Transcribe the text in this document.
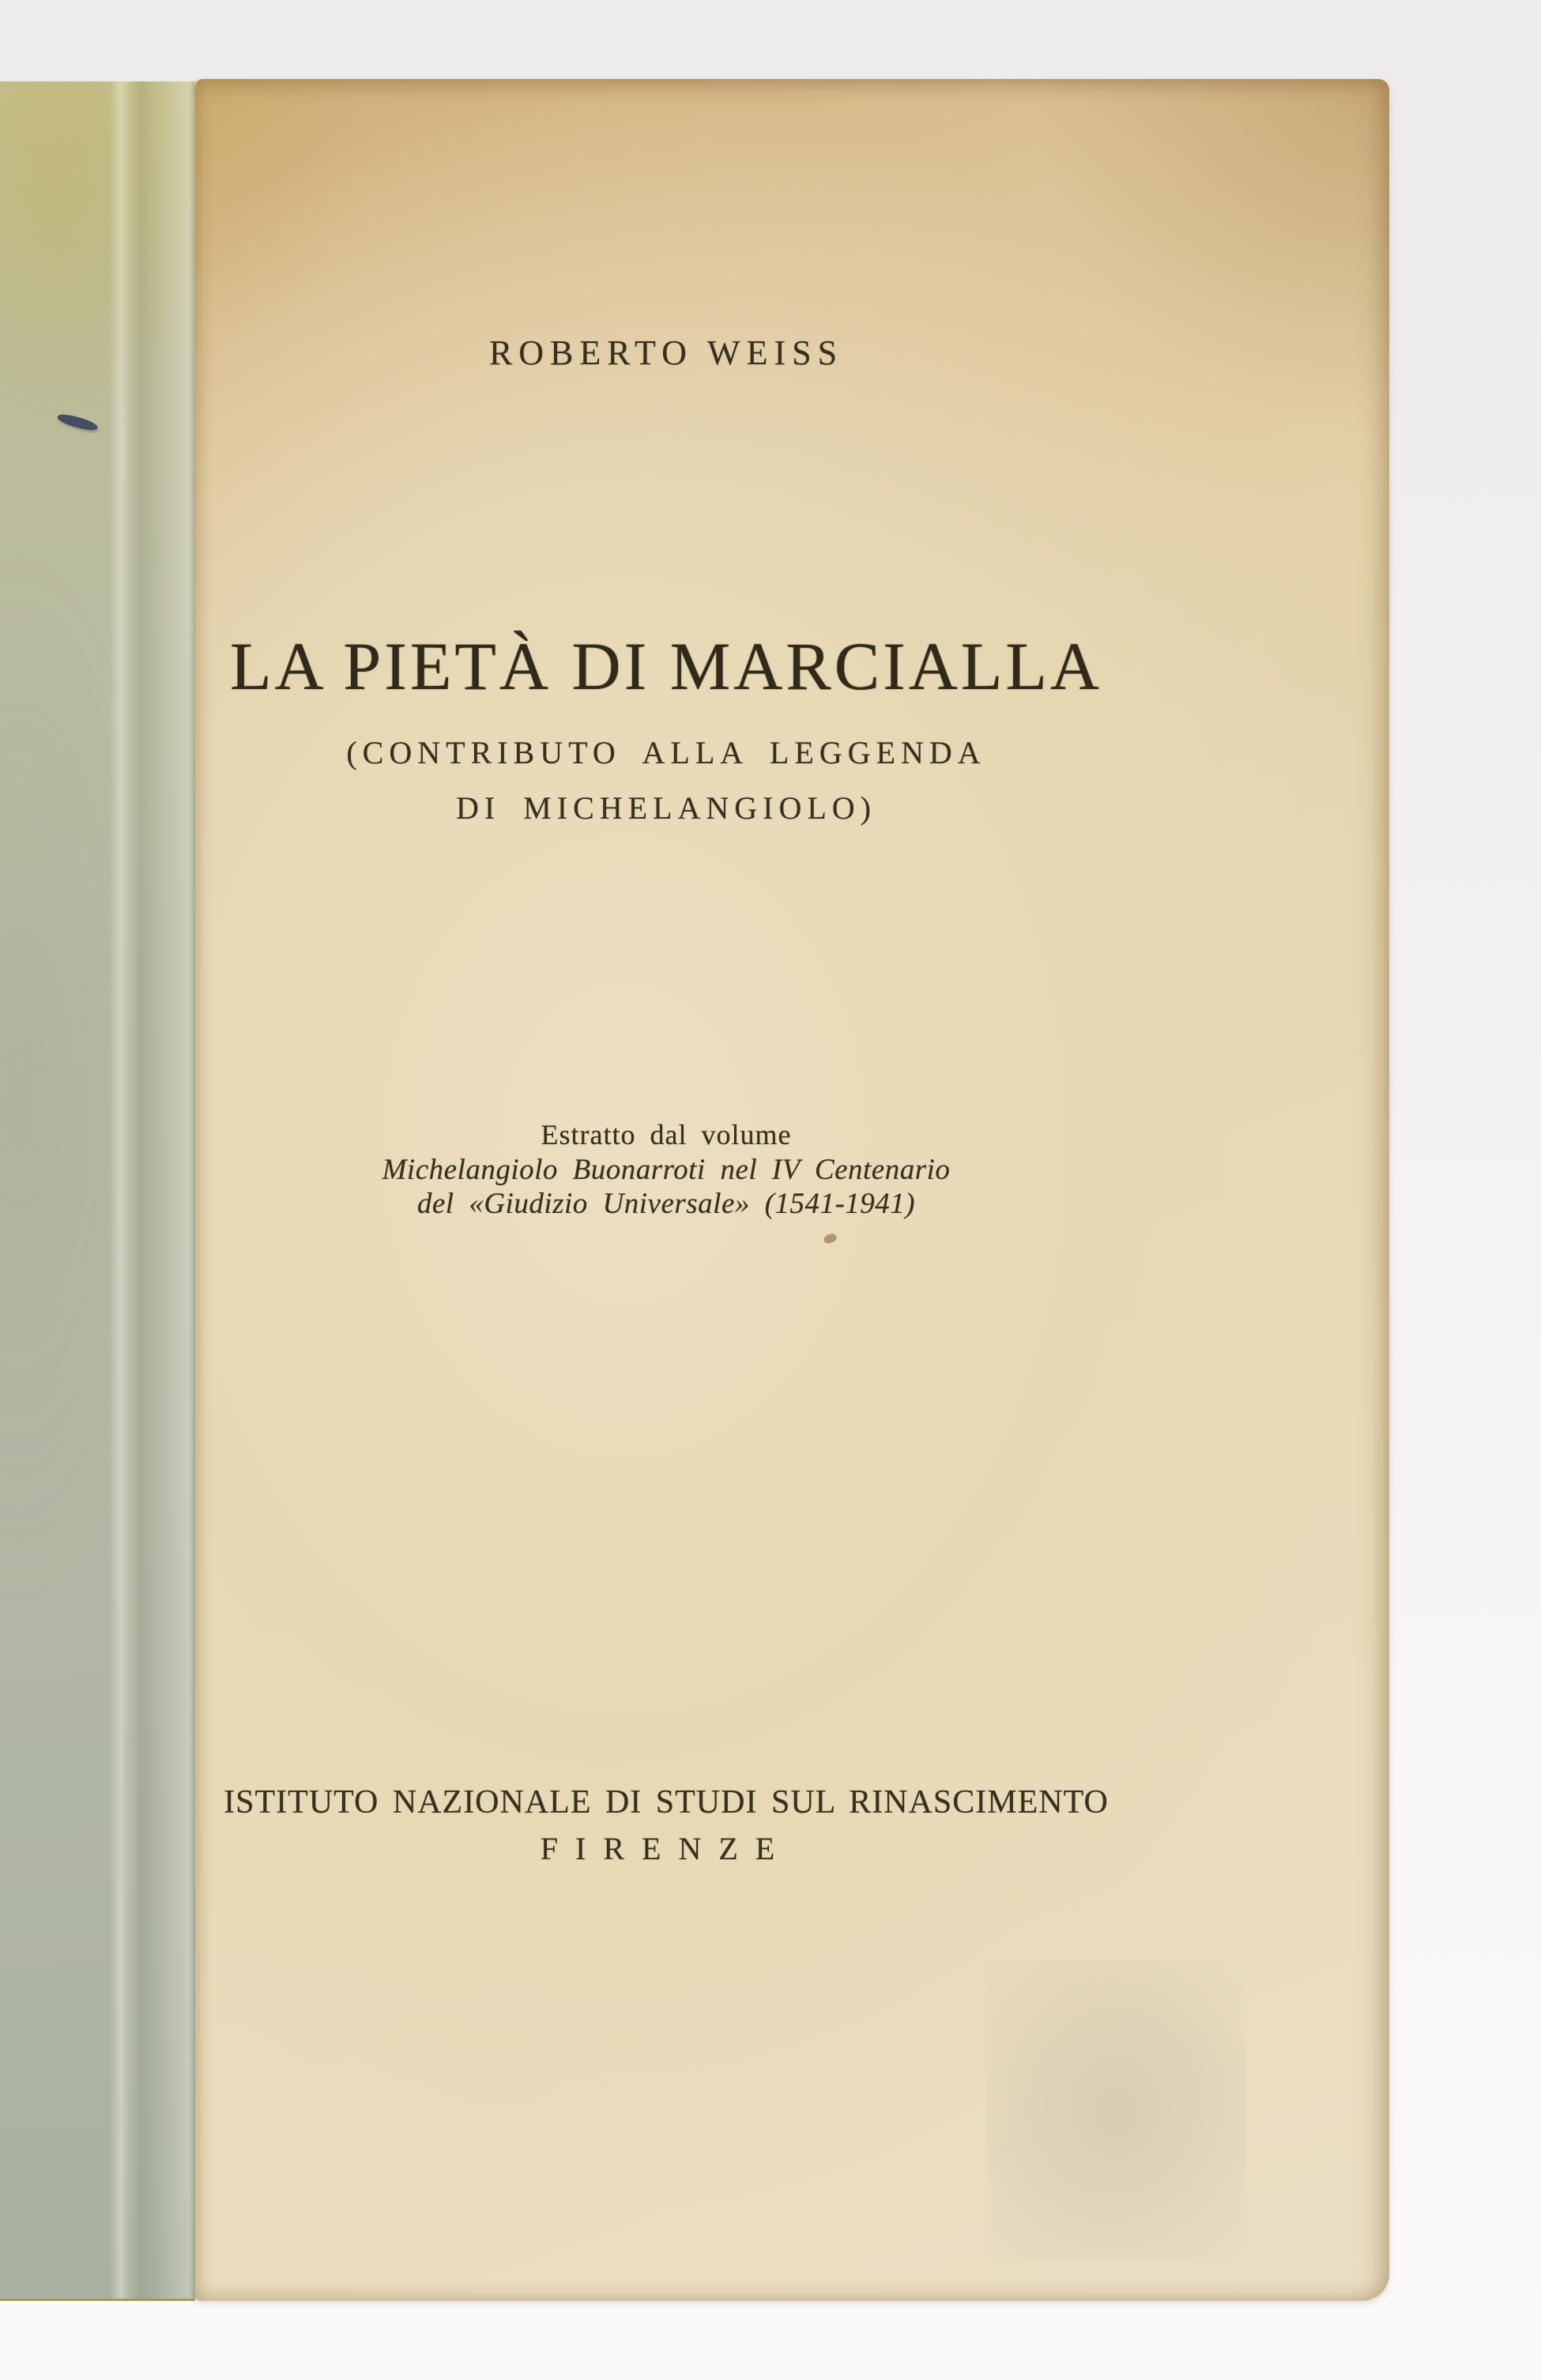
ROBERTO WEISS
LA PIETÀ DI MARCIALLA
(CONTRIBUTO ALLA LEGGENDA
DI MICHELANGIOLO)
Estratto dal volume
Michelangiolo Buonarroti nel IV Centenario
del «Giudizio Universale» (1541-1941)
ISTITUTO NAZIONALE DI STUDI SUL RINASCIMENTO
FIRENZE
